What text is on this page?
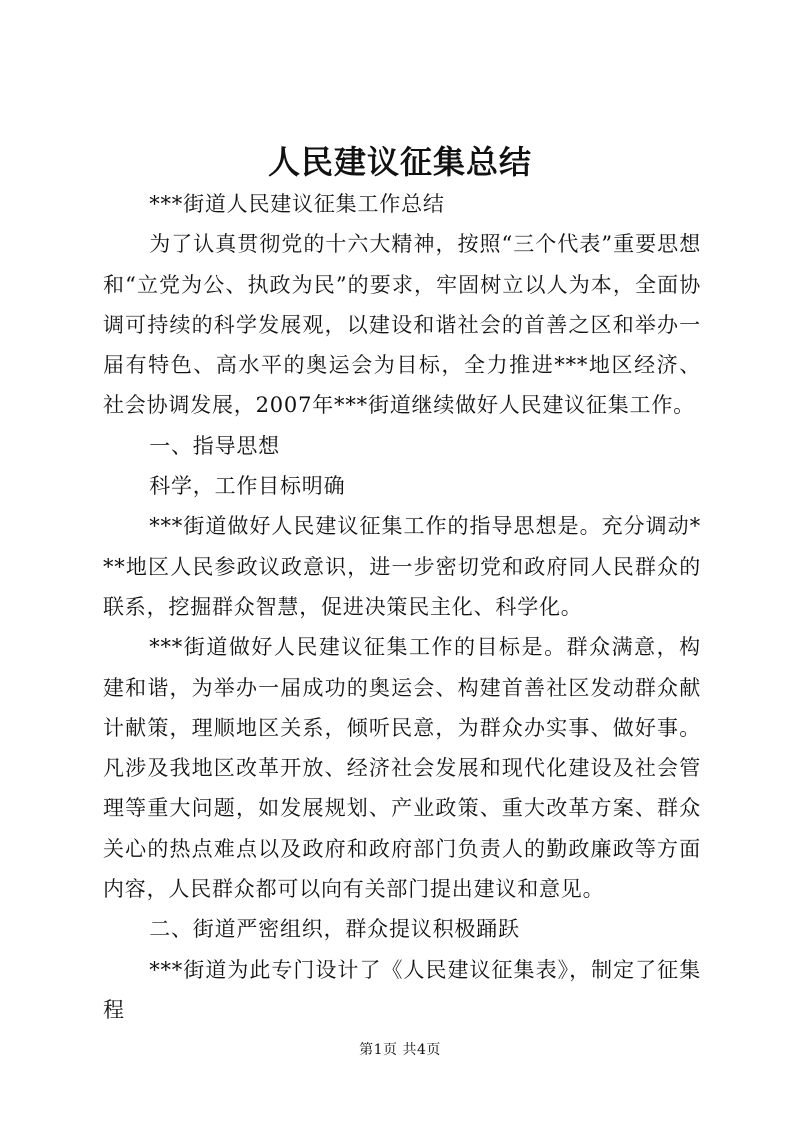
人民建议征集总结

***街道人民建议征集工作总结

为了认真贯彻党的十六大精神，按照“三个代表”重要思想和“立党为公、执政为民”的要求，牢固树立以人为本，全面协调可持续的科学发展观，以建设和谐社会的首善之区和举办一届有特色、高水平的奥运会为目标，全力推进***地区经济、社会协调发展，2007年***街道继续做好人民建议征集工作。

一、指导思想

科学，工作目标明确

***街道做好人民建议征集工作的指导思想是。充分调动***地区人民参政议政意识，进一步密切党和政府同人民群众的联系，挖掘群众智慧，促进决策民主化、科学化。

***街道做好人民建议征集工作的目标是。群众满意，构建和谐，为举办一届成功的奥运会、构建首善社区发动群众献计献策，理顺地区关系，倾听民意，为群众办实事、做好事。凡涉及我地区改革开放、经济社会发展和现代化建设及社会管理等重大问题，如发展规划、产业政策、重大改革方案、群众关心的热点难点以及政府和政府部门负责人的勤政廉政等方面内容，人民群众都可以向有关部门提出建议和意见。

二、街道严密组织，群众提议积极踊跃

***街道为此专门设计了《人民建议征集表》，制定了征集程

第1页 共4页
